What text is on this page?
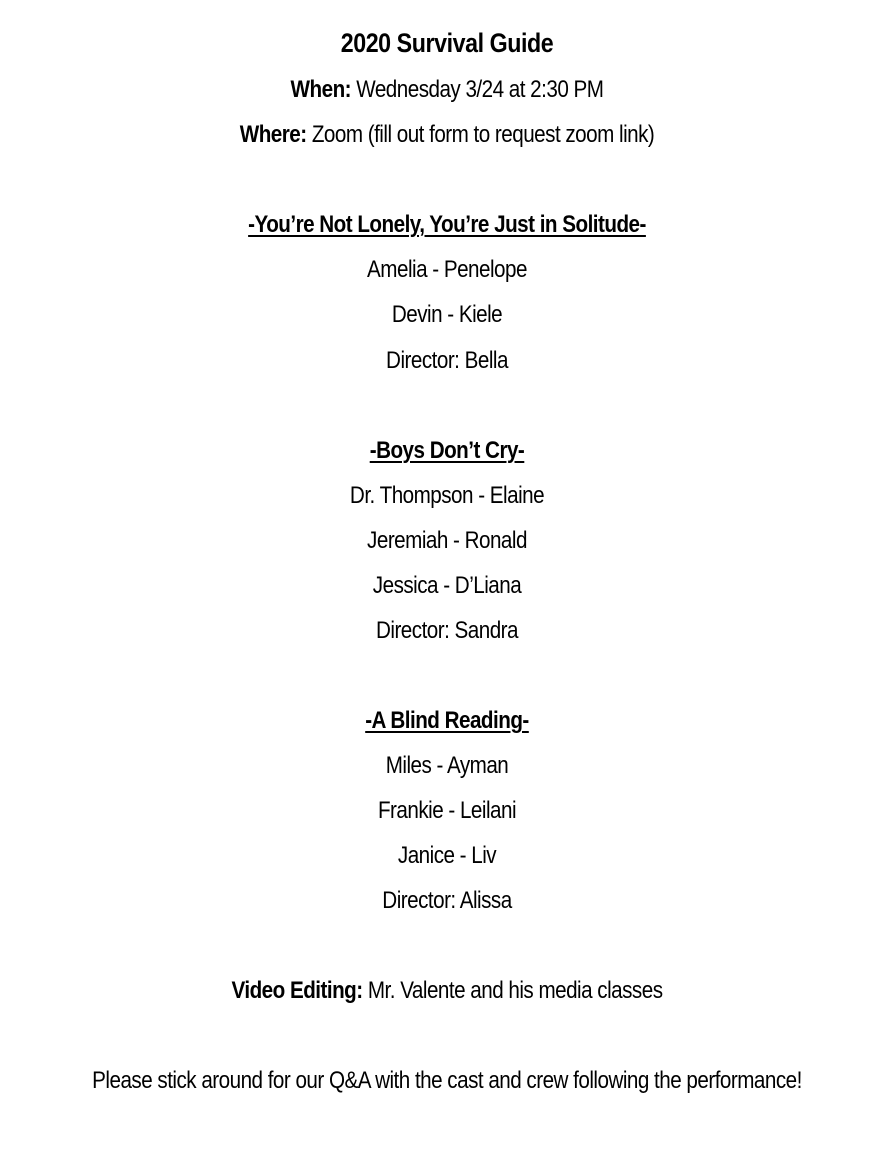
2020 Survival Guide
When: Wednesday 3/24 at 2:30 PM
Where: Zoom (fill out form to request zoom link)
-You’re Not Lonely, You’re Just in Solitude-
Amelia - Penelope
Devin - Kiele
Director: Bella
-Boys Don’t Cry-
Dr. Thompson - Elaine
Jeremiah - Ronald
Jessica - D’Liana
Director: Sandra
-A Blind Reading-
Miles - Ayman
Frankie - Leilani
Janice - Liv
Director: Alissa
Video Editing: Mr. Valente and his media classes
Please stick around for our Q&A with the cast and crew following the performance!
